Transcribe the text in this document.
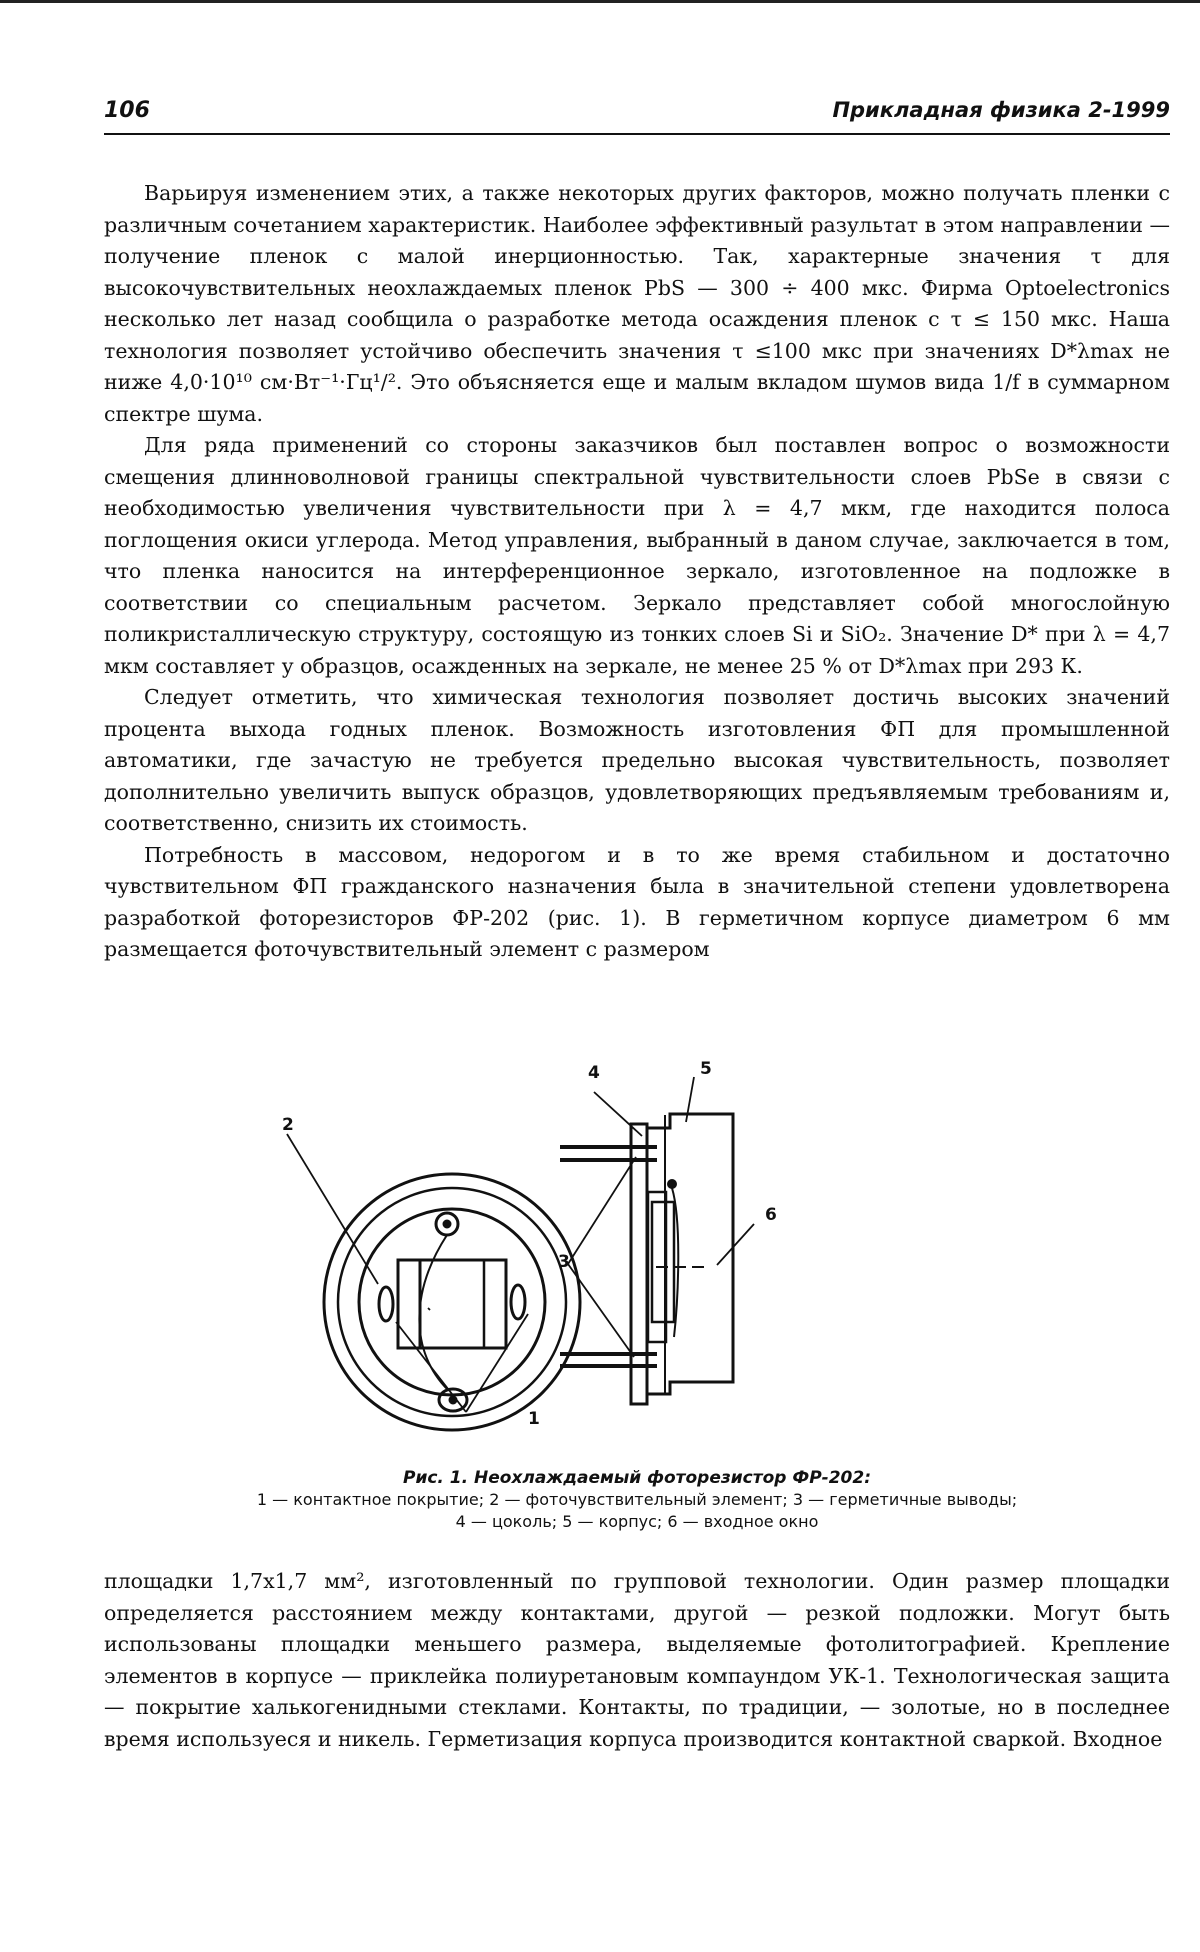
106	Прикладная физика 2-1999

Варьируя изменением этих, а также некоторых других факторов, можно получать пленки с различным сочетанием характеристик. Наиболее эффективный разультат в этом направлении — получение пленок с малой инерционностью. Так, характерные значения τ для высокочувствительных неохлаждаемых пленок PbS — 300 ÷ 400 мкс. Фирма Optoelectronics несколько лет назад сообщила о разработке метода осаждения пленок с τ ≤ 150 мкс. Наша технология позволяет устойчиво обеспечить значения τ ≤100 мкс при значениях D*λmax не ниже 4,0·10¹⁰ см·Вт⁻¹·Гц¹/². Это объясняется еще и малым вкладом шумов вида 1/f в суммарном спектре шума.

Для ряда применений со стороны заказчиков был поставлен вопрос о возможности смещения длинноволновой границы спектральной чувствительности слоев PbSe в связи с необходимостью увеличения чувствительности при λ = 4,7 мкм, где находится полоса поглощения окиси углерода. Метод управления, выбранный в даном случае, заключается в том, что пленка наносится на интерференционное зеркало, изготовленное на подложке в соответствии со специальным расчетом. Зеркало представляет собой многослойную поликристаллическую структуру, состоящую из тонких слоев Si и SiO₂. Значение D* при λ = 4,7 мкм составляет у образцов, осажденных на зеркале, не менее 25 % от D*λmax при 293 К.

Следует отметить, что химическая технология позволяет достичь высоких значений процента выхода годных пленок. Возможность изготовления ФП для промышленной автоматики, где зачастую не требуется предельно высокая чувствительность, позволяет дополнительно увеличить выпуск образцов, удовлетворяющих предъявляемым требованиям и, соответственно, снизить их стоимость.

Потребность в массовом, недорогом и в то же время стабильном и достаточно чувствительном ФП гражданского назначения была в значительной степени удовлетворена разработкой фоторезисторов ФР-202 (рис. 1). В герметичном корпусе диаметром 6 мм размещается фоточувствительный элемент с размером

2
1
3
4	5
6
Рис. 1. Неохлаждаемый фоторезистор ФР-202:
1 — контактное покрытие; 2 — фоточувствительный элемент; 3 — герметичные выводы;
4 — цоколь; 5 — корпус; 6 — входное окно

площадки 1,7х1,7 мм², изготовленный по групповой технологии. Один размер площадки определяется расстоянием между контактами, другой — резкой подложки. Могут быть использованы площадки меньшего размера, выделяемые фотолитографией. Крепление элементов в корпусе — приклейка полиуретановым компаундом УК-1. Технологическая защита — покрытие халькогенидными стеклами. Контакты, по традиции, — золотые, но в последнее время используеся и никель. Герметизация корпуса производится контактной сваркой. Входное
